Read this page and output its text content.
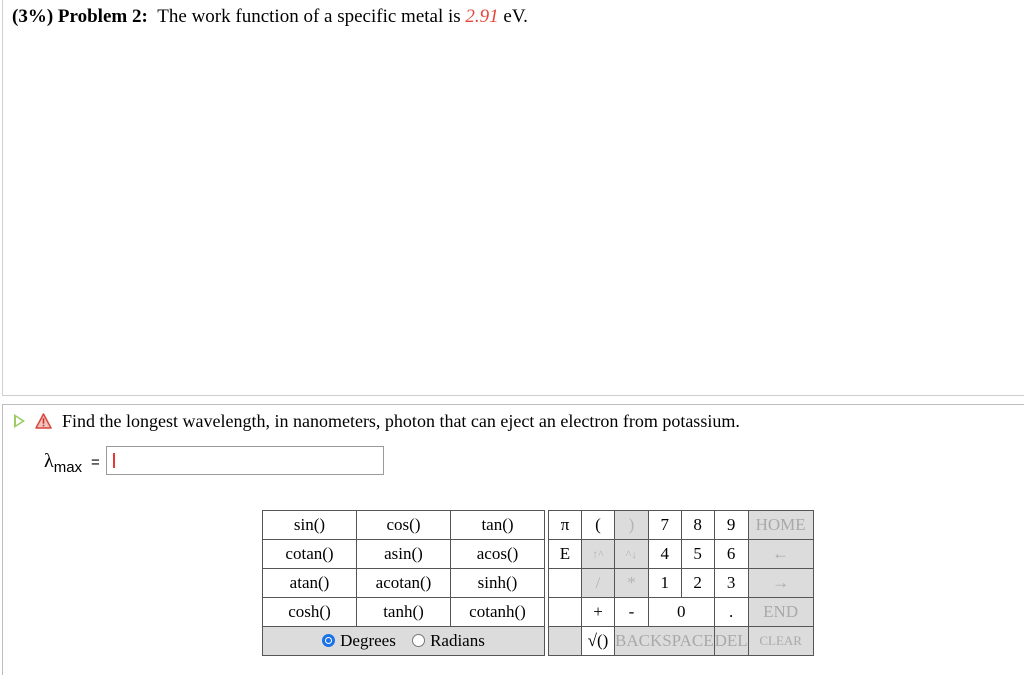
(3%) Problem 2: The work function of a specific metal is 2.91 eV.
Find the longest wavelength, in nanometers, photon that can eject an electron from potassium.
$\lambda_{max}$ =
sin()	cos()	tan()		π	(	)	7	8	9	HOME
cotan()	asin()	acos()		E	↑^	^↓	4	5	6	←
atan()	acotan()	sinh()			/	*	1	2	3	→
cosh()	tanh()	cotanh()			+	-	0		.	END
Degrees Radians					√()	BACKSPACE			DEL	CLEAR
